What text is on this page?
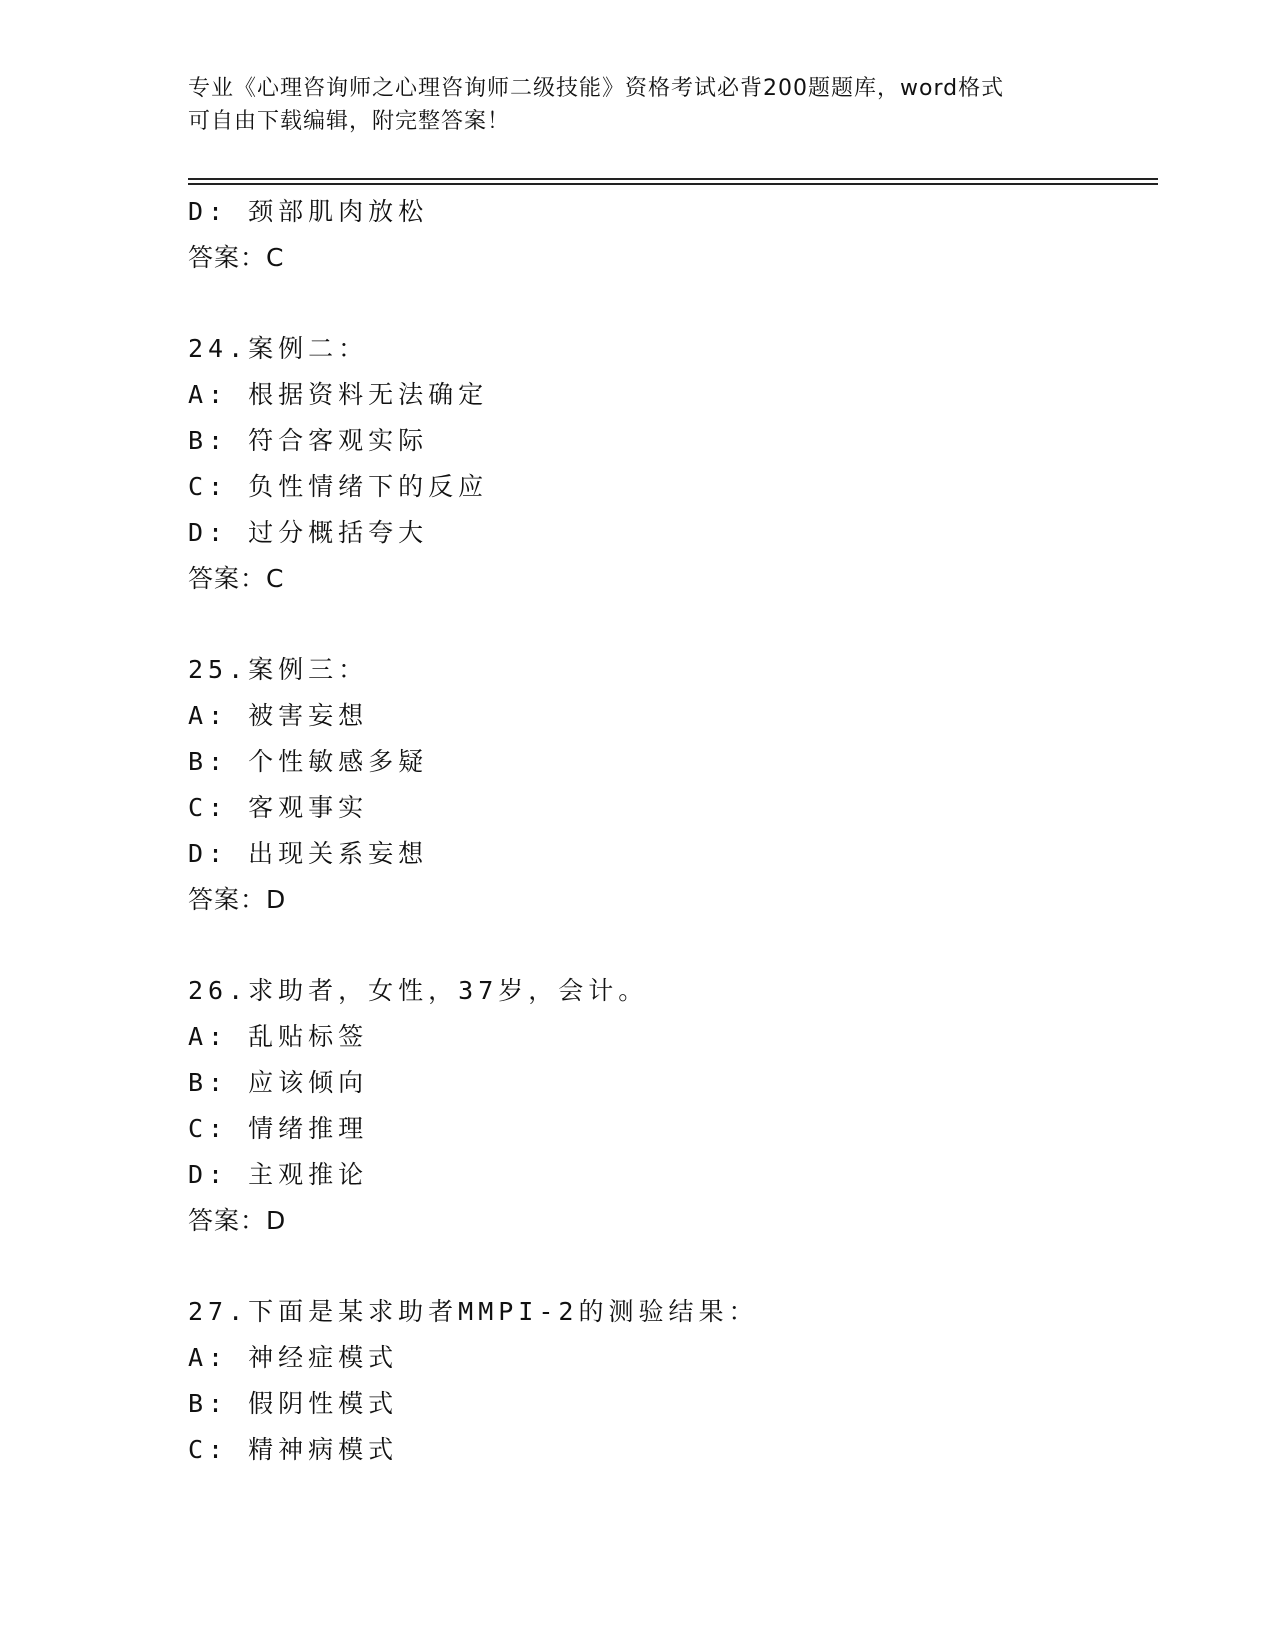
专业《心理咨询师之心理咨询师二级技能》资格考试必背200题题库，word格式
可自由下载编辑，附完整答案！
D: 颈部肌肉放松
答案：C
24.案例二：
A: 根据资料无法确定
B: 符合客观实际
C: 负性情绪下的反应
D: 过分概括夸大
答案：C
25.案例三：
A: 被害妄想
B: 个性敏感多疑
C: 客观事实
D: 出现关系妄想
答案：D
26.求助者，女性，37岁，会计。
A: 乱贴标签
B: 应该倾向
C: 情绪推理
D: 主观推论
答案：D
27.下面是某求助者MMPI-2的测验结果：
A: 神经症模式
B: 假阴性模式
C: 精神病模式
